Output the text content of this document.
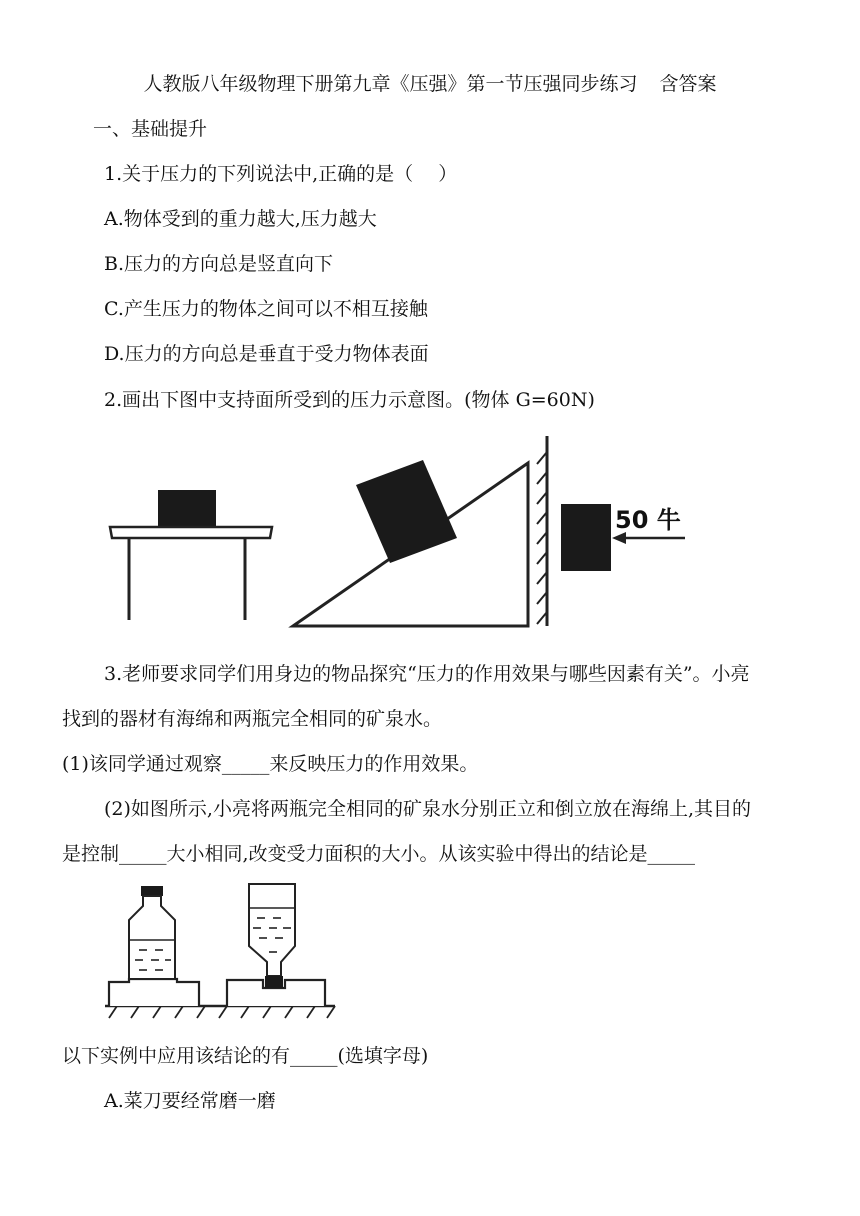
人教版八年级物理下册第九章《压强》第一节压强同步练习 含答案
一、基础提升
1.关于压力的下列说法中,正确的是（　 ）
A.物体受到的重力越大,压力越大
B.压力的方向总是竖直向下
C.产生压力的物体之间可以不相互接触
D.压力的方向总是垂直于受力物体表面
2.画出下图中支持面所受到的压力示意图。(物体 G=60N)
50 牛
3.老师要求同学们用身边的物品探究“压力的作用效果与哪些因素有关”。小亮
找到的器材有海绵和两瓶完全相同的矿泉水。
(1)该同学通过观察_____来反映压力的作用效果。
(2)如图所示,小亮将两瓶完全相同的矿泉水分别正立和倒立放在海绵上,其目的
是控制_____大小相同,改变受力面积的大小。从该实验中得出的结论是_____
以下实例中应用该结论的有_____(选填字母)
A.菜刀要经常磨一磨
